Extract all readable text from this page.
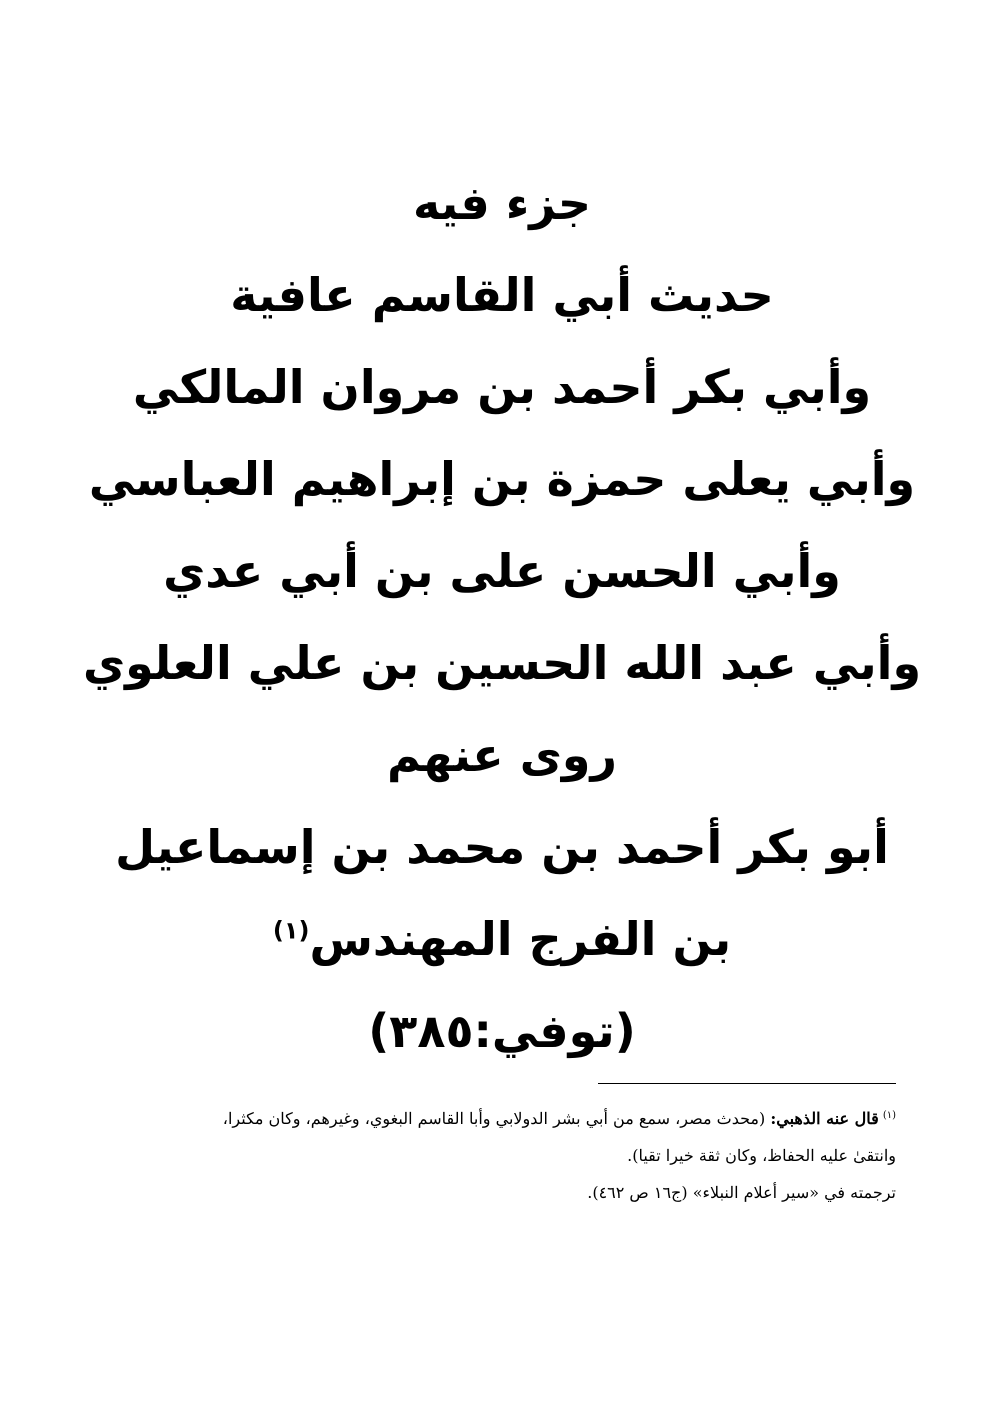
جزء فيه
حديث أبي القاسم عافية
وأبي بكر أحمد بن مروان المالكي
وأبي يعلى حمزة بن إبراهيم العباسي
وأبي الحسن على بن أبي عدي
وأبي عبد الله الحسين بن علي العلوي
روى عنهم
أبو بكر أحمد بن محمد بن إسماعيل
بن الفرج المهندس$^{(١)}$
(توفي:٣٨٥)
$^{(١)}$قال عنه الذهبي: (محدث مصر، سمع من أبي بشر الدولابي وأبا القاسم البغوي، وغيرهم، وكان مكثرا،
وانتقىٰ عليه الحفاظ، وكان ثقة خيرا تقيا).
ترجمته في «سير أعلام النبلاء» (ج١٦ ص ٤٦٢).
